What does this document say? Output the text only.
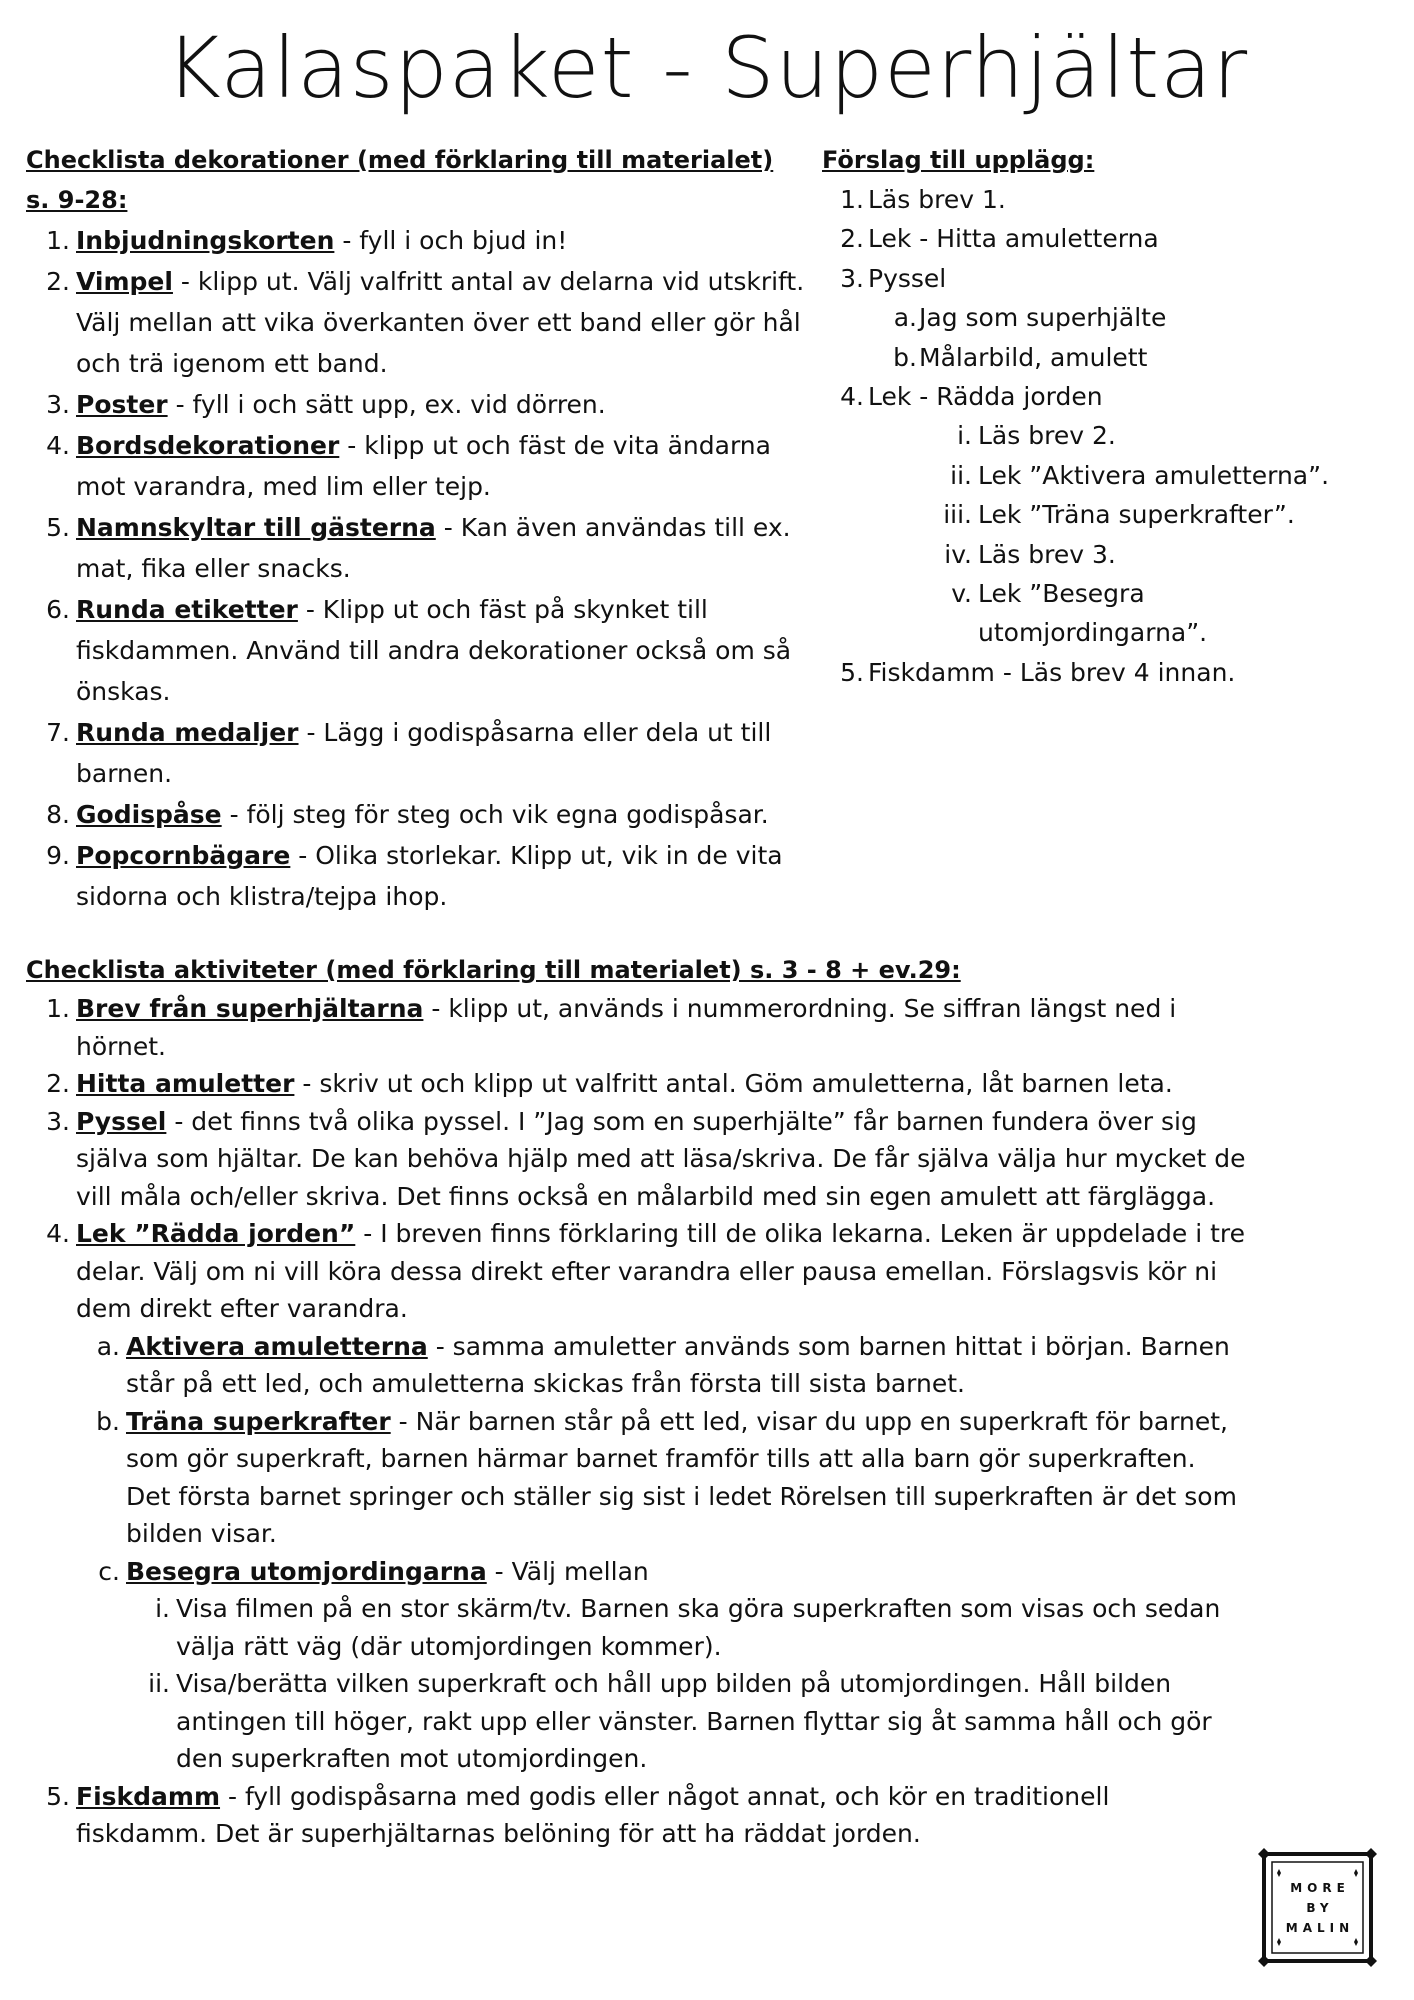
Kalaspaket - Superhjältar
Checklista dekorationer (med förklaring till materialet)
s. 9-28:
1. Inbjudningskorten - fyll i och bjud in!
2. Vimpel - klipp ut. Välj valfritt antal av delarna vid utskrift. Välj mellan att vika överkanten över ett band eller gör hål och trä igenom ett band.
3. Poster - fyll i och sätt upp, ex. vid dörren.
4. Bordsdekorationer - klipp ut och fäst de vita ändarna mot varandra, med lim eller tejp.
5. Namnskyltar till gästerna - Kan även användas till ex. mat, fika eller snacks.
6. Runda etiketter - Klipp ut och fäst på skynket till fiskdammen. Använd till andra dekorationer också om så önskas.
7. Runda medaljer - Lägg i godispåsarna eller dela ut till barnen.
8. Godispåse - följ steg för steg och vik egna godispåsar.
9. Popcornbägare - Olika storlekar. Klipp ut, vik in de vita sidorna och klistra/tejpa ihop.
Förslag till upplägg:
1. Läs brev 1.
2. Lek - Hitta amuletterna
3. Pyssel
a. Jag som superhjälte
b. Målarbild, amulett
4. Lek - Rädda jorden
i. Läs brev 2.
ii. Lek ”Aktivera amuletterna”.
iii. Lek ”Träna superkrafter”.
iv. Läs brev 3.
v. Lek ”Besegra utomjordingarna”.
5. Fiskdamm - Läs brev 4 innan.
Checklista aktiviteter (med förklaring till materialet) s. 3 - 8 + ev.29:
1. Brev från superhjältarna - klipp ut, används i nummerordning. Se siffran längst ned i hörnet.
2. Hitta amuletter - skriv ut och klipp ut valfritt antal. Göm amuletterna, låt barnen leta.
3. Pyssel - det finns två olika pyssel. I ”Jag som en superhjälte” får barnen fundera över sig själva som hjältar. De kan behöva hjälp med att läsa/skriva. De får själva välja hur mycket de vill måla och/eller skriva. Det finns också en målarbild med sin egen amulett att färglägga.
4. Lek ”Rädda jorden” - I breven finns förklaring till de olika lekarna. Leken är uppdelade i tre delar. Välj om ni vill köra dessa direkt efter varandra eller pausa emellan. Förslagsvis kör ni dem direkt efter varandra.
a. Aktivera amuletterna - samma amuletter används som barnen hittat i början. Barnen står på ett led, och amuletterna skickas från första till sista barnet.
b. Träna superkrafter - När barnen står på ett led, visar du upp en superkraft för barnet, som gör superkraft, barnen härmar barnet framför tills att alla barn gör superkraften. Det första barnet springer och ställer sig sist i ledet Rörelsen till superkraften är det som bilden visar.
c. Besegra utomjordingarna - Välj mellan
i. Visa filmen på en stor skärm/tv. Barnen ska göra superkraften som visas och sedan välja rätt väg (där utomjordingen kommer).
ii. Visa/berätta vilken superkraft och håll upp bilden på utomjordingen. Håll bilden antingen till höger, rakt upp eller vänster. Barnen flyttar sig åt samma håll och gör den superkraften mot utomjordingen.
5. Fiskdamm - fyll godispåsarna med godis eller något annat, och kör en traditionell fiskdamm. Det är superhjältarnas belöning för att ha räddat jorden.
MORE
BY
MALIN
